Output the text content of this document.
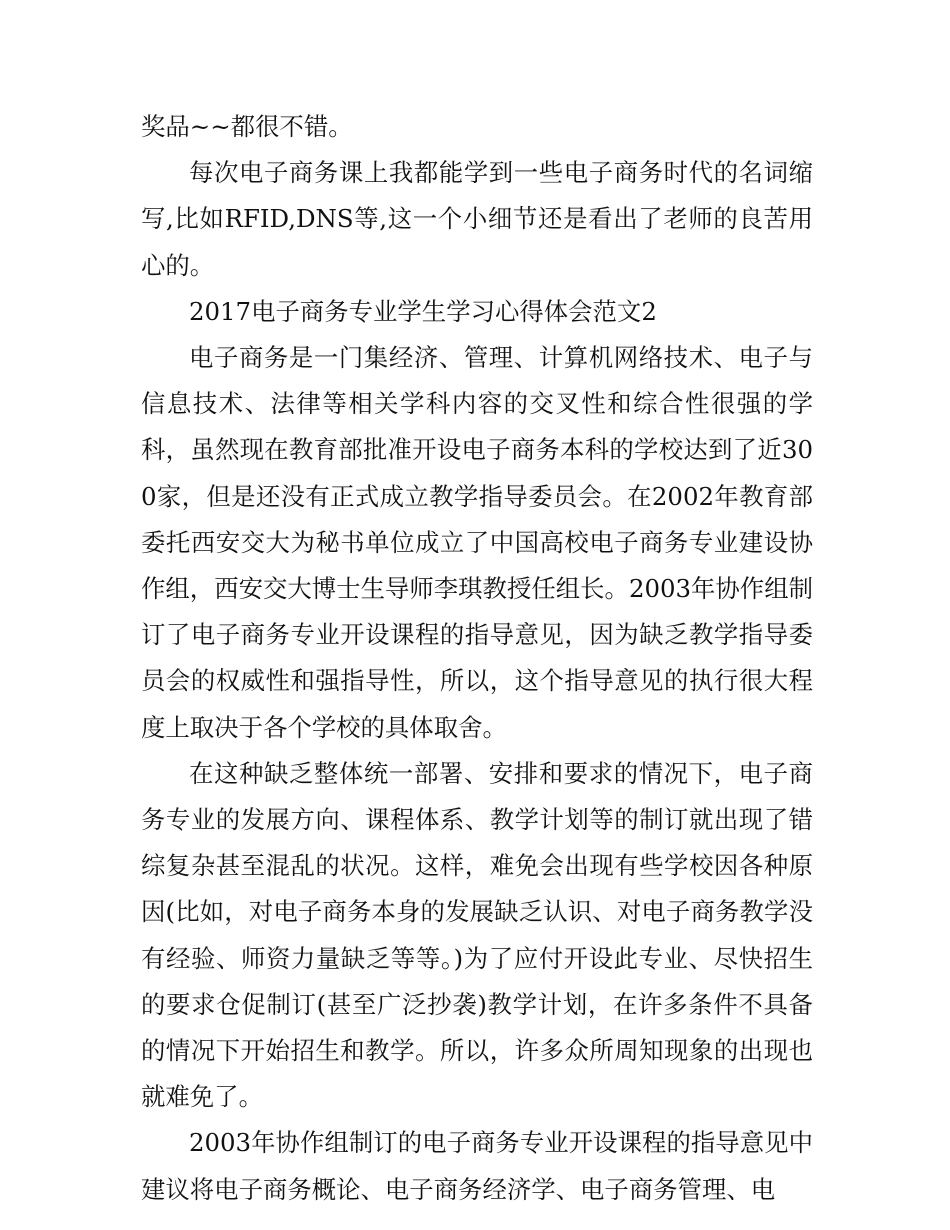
奖品~~都很不错。

每次电子商务课上我都能学到一些电子商务时代的名词缩写,比如RFID,DNS等,这一个小细节还是看出了老师的良苦用心的。

2017电子商务专业学生学习心得体会范文2

电子商务是一门集经济、管理、计算机网络技术、电子与信息技术、法律等相关学科内容的交叉性和综合性很强的学科，虽然现在教育部批准开设电子商务本科的学校达到了近300家，但是还没有正式成立教学指导委员会。在2002年教育部委托西安交大为秘书单位成立了中国高校电子商务专业建设协作组，西安交大博士生导师李琪教授任组长。2003年协作组制订了电子商务专业开设课程的指导意见，因为缺乏教学指导委员会的权威性和强指导性，所以，这个指导意见的执行很大程度上取决于各个学校的具体取舍。

在这种缺乏整体统一部署、安排和要求的情况下，电子商务专业的发展方向、课程体系、教学计划等的制订就出现了错综复杂甚至混乱的状况。这样，难免会出现有些学校因各种原因(比如，对电子商务本身的发展缺乏认识、对电子商务教学没有经验、师资力量缺乏等等。)为了应付开设此专业、尽快招生的要求仓促制订(甚至广泛抄袭)教学计划，在许多条件不具备的情况下开始招生和教学。所以，许多众所周知现象的出现也就难免了。

2003年协作组制订的电子商务专业开设课程的指导意见中建议将电子商务概论、电子商务经济学、电子商务管理、电
